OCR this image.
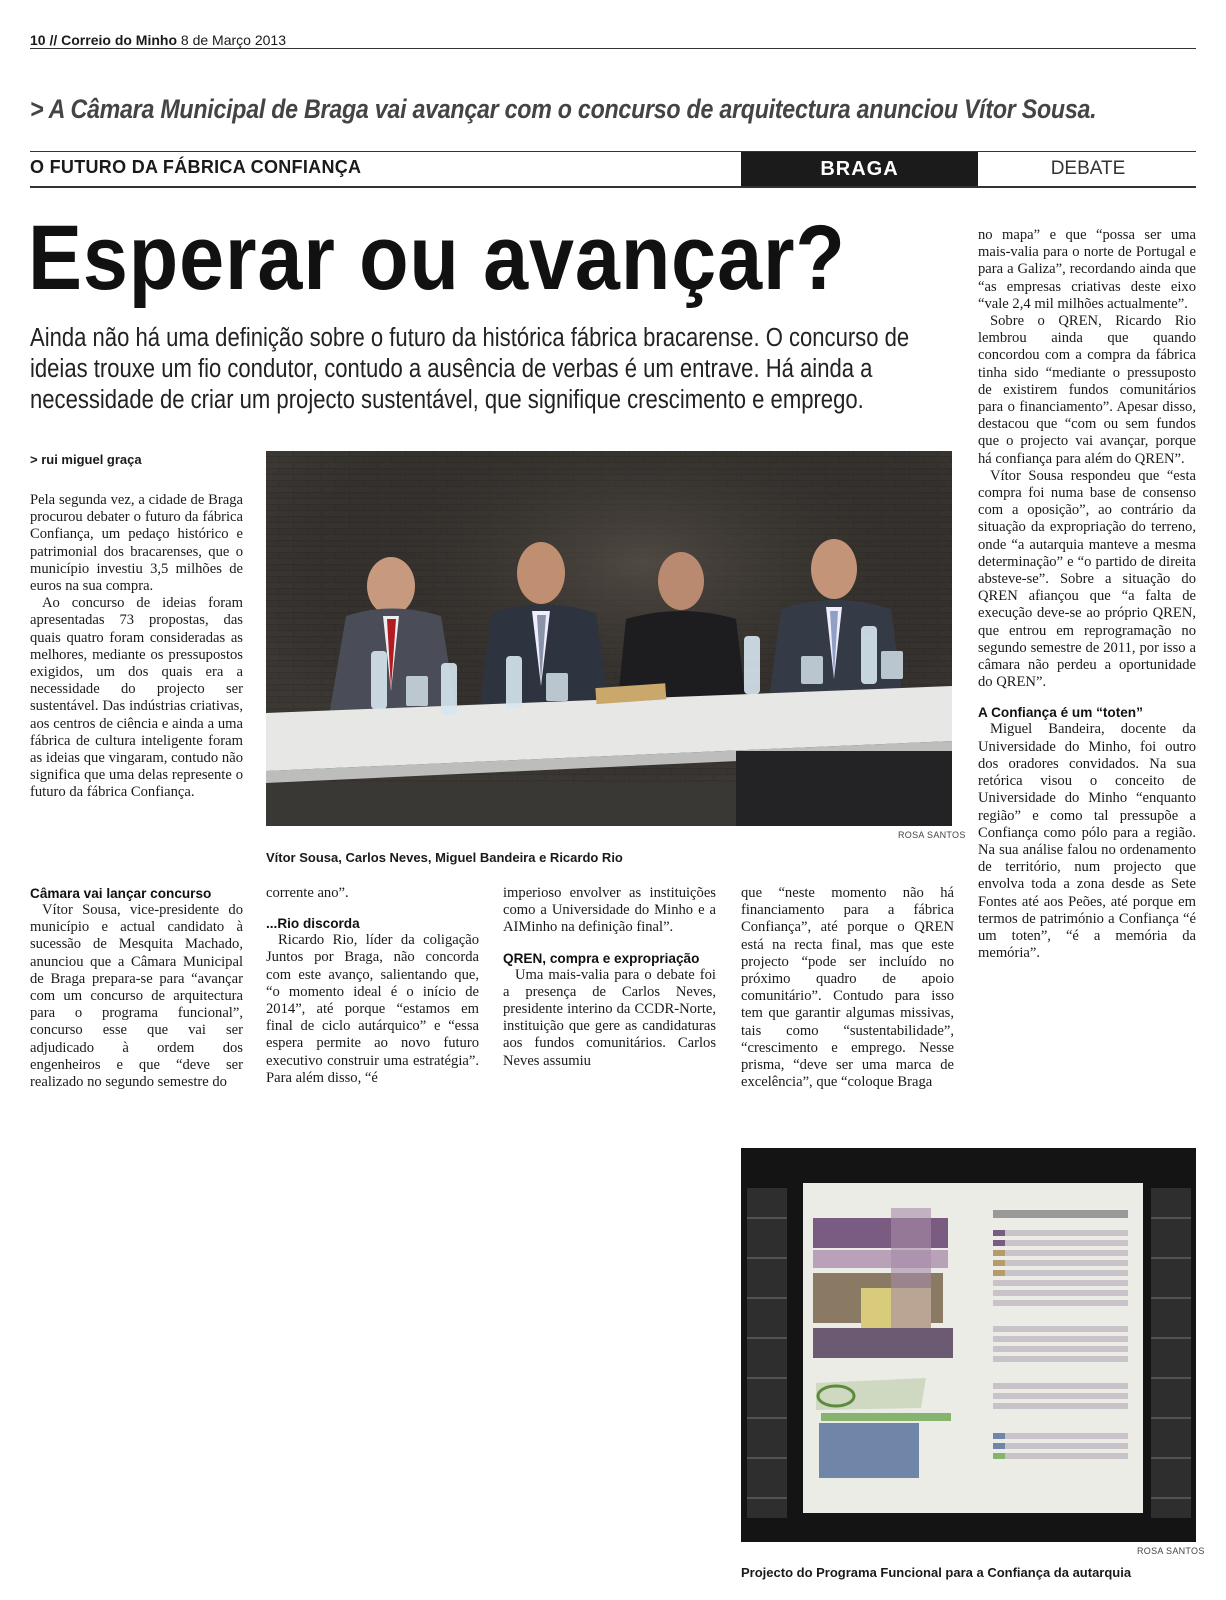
10 // Correio do Minho 8 de Março 2013
> A Câmara Municipal de Braga vai avançar com o concurso de arquitectura anunciou Vítor Sousa.
O FUTURO DA FÁBRICA CONFIANÇA	BRAGA	DEBATE
Esperar ou avançar?
Ainda não há uma definição sobre o futuro da histórica fábrica bracarense. O concurso de ideias trouxe um fio condutor, contudo a ausência de verbas é um entrave. Há ainda a necessidade de criar um projecto sustentável, que signifique crescimento e emprego.
> rui miguel graça
ROSA SANTOS
Vítor Sousa, Carlos Neves, Miguel Bandeira e Ricardo Rio

Pela segunda vez, a cidade de Braga procurou debater o futuro da fábrica Confiança, um pedaço histórico e patrimonial dos bracarenses, que o município investiu 3,5 milhões de euros na sua compra.

Ao concurso de ideias foram apresentadas 73 propostas, das quais quatro foram consideradas as melhores, mediante os pressupostos exigidos, um dos quais era a necessidade do projecto ser sustentável. Das indústrias criativas, aos centros de ciência e ainda a uma fábrica de cultura inteligente foram as ideias que vingaram, contudo não significa que uma delas represente o futuro da fábrica Confiança.

Câmara vai lançar concurso

Vítor Sousa, vice-presidente do município e actual candidato à sucessão de Mesquita Machado, anunciou que a Câmara Municipal de Braga prepara-se para “avançar com um concurso de arquitectura para o programa funcional”, concurso esse que vai ser adjudicado à ordem dos engenheiros e que “deve ser realizado no segundo semestre do

corrente ano”.

...Rio discorda

Ricardo Rio, líder da coligação Juntos por Braga, não concorda com este avanço, salientando que, “o momento ideal é o início de 2014”, até porque “estamos em final de ciclo autárquico” e “essa espera permite ao novo futuro executivo construir uma estratégia”. Para além disso, “é

imperioso envolver as instituições como a Universidade do Minho e a AIMinho na definição final”.

QREN, compra e expropriação

Uma mais-valia para o debate foi a presença de Carlos Neves, presidente interino da CCDR-Norte, instituição que gere as candidaturas aos fundos comunitários. Carlos Neves assumiu

que “neste momento não há financiamento para a fábrica Confiança”, até porque o QREN está na recta final, mas que este projecto “pode ser incluído no próximo quadro de apoio comunitário”. Contudo para isso tem que garantir algumas missivas, tais como “sustentabilidade”, “crescimento e emprego. Nesse prisma, “deve ser uma marca de excelência”, que “coloque Braga

no mapa” e que “possa ser uma mais-valia para o norte de Portugal e para a Galiza”, recordando ainda que “as empresas criativas deste eixo “vale 2,4 mil milhões actualmente”.

Sobre o QREN, Ricardo Rio lembrou ainda que quando concordou com a compra da fábrica tinha sido “mediante o pressuposto de existirem fundos comunitários para o financiamento”. Apesar disso, destacou que “com ou sem fundos que o projecto vai avançar, porque há confiança para além do QREN”.

Vítor Sousa respondeu que “esta compra foi numa base de consenso com a oposição”, ao contrário da situação da expropriação do terreno, onde “a autarquia manteve a mesma determinação” e “o partido de direita absteve-se”. Sobre a situação do QREN afiançou que “a falta de execução deve-se ao próprio QREN, que entrou em reprogramação no segundo semestre de 2011, por isso a câmara não perdeu a oportunidade do QREN”.

A Confiança é um “toten”

Miguel Bandeira, docente da Universidade do Minho, foi outro dos oradores convidados. Na sua retórica visou o conceito de Universidade do Minho “enquanto região” e como tal pressupõe a Confiança como pólo para a região. Na sua análise falou no ordenamento de território, num projecto que envolva toda a zona desde as Sete Fontes até aos Peões, até porque em termos de património a Confiança “é um toten”, “é a memória da memória”.

ROSA SANTOS
Projecto do Programa Funcional para a Confiança da autarquia
